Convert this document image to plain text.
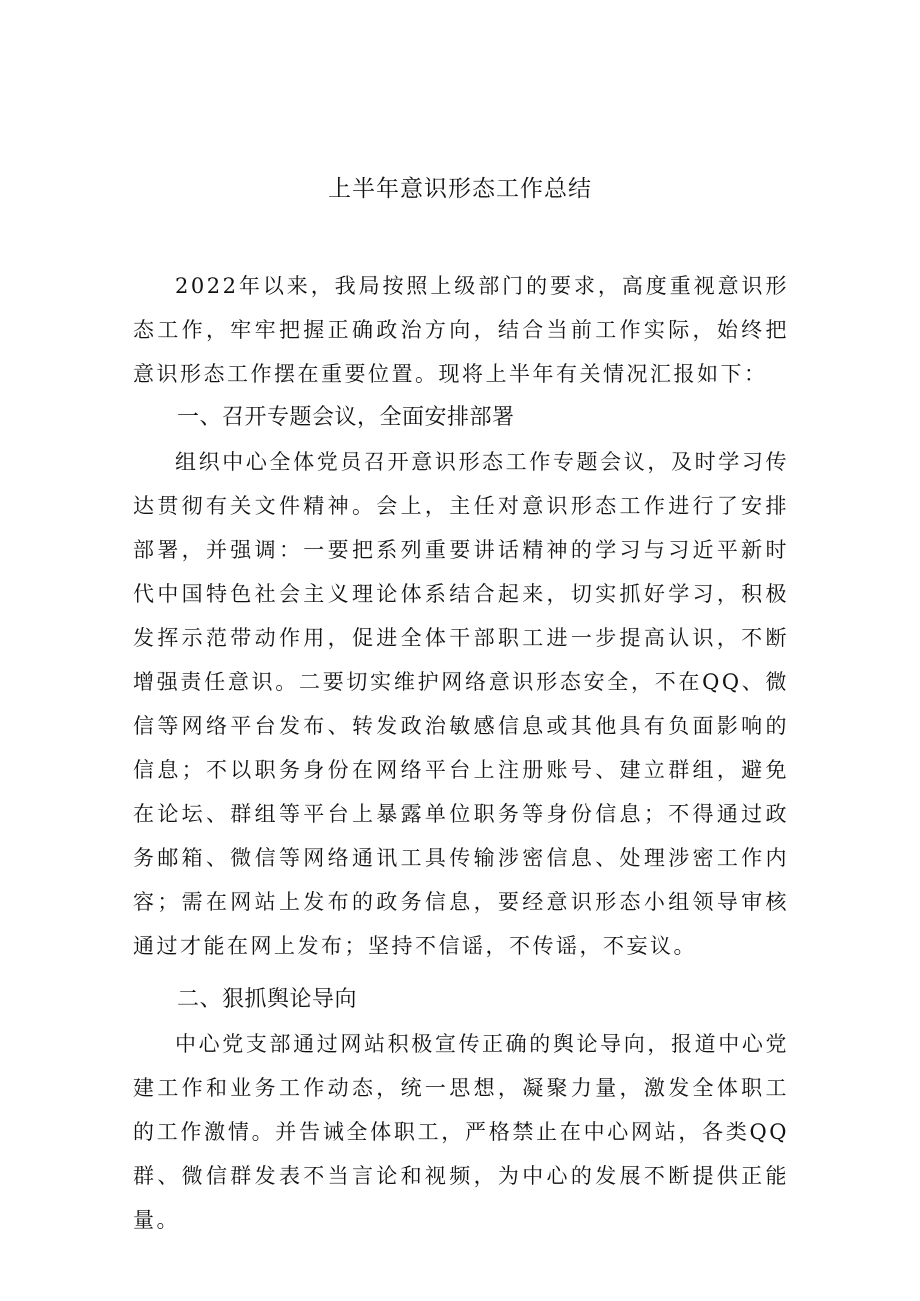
上半年意识形态工作总结

2022年以来，我局按照上级部门的要求，高度重视意识形态工作，牢牢把握正确政治方向，结合当前工作实际，始终把意识形态工作摆在重要位置。现将上半年有关情况汇报如下：

一、召开专题会议，全面安排部署

组织中心全体党员召开意识形态工作专题会议，及时学习传达贯彻有关文件精神。会上，主任对意识形态工作进行了安排部署，并强调：一要把系列重要讲话精神的学习与习近平新时代中国特色社会主义理论体系结合起来，切实抓好学习，积极发挥示范带动作用，促进全体干部职工进一步提高认识，不断增强责任意识。二要切实维护网络意识形态安全，不在QQ、微信等网络平台发布、转发政治敏感信息或其他具有负面影响的信息；不以职务身份在网络平台上注册账号、建立群组，避免在论坛、群组等平台上暴露单位职务等身份信息；不得通过政务邮箱、微信等网络通讯工具传输涉密信息、处理涉密工作内容；需在网站上发布的政务信息，要经意识形态小组领导审核通过才能在网上发布；坚持不信谣，不传谣，不妄议。

二、狠抓舆论导向

中心党支部通过网站积极宣传正确的舆论导向，报道中心党建工作和业务工作动态，统一思想，凝聚力量，激发全体职工的工作激情。并告诫全体职工，严格禁止在中心网站，各类QQ群、微信群发表不当言论和视频，为中心的发展不断提供正能量。
